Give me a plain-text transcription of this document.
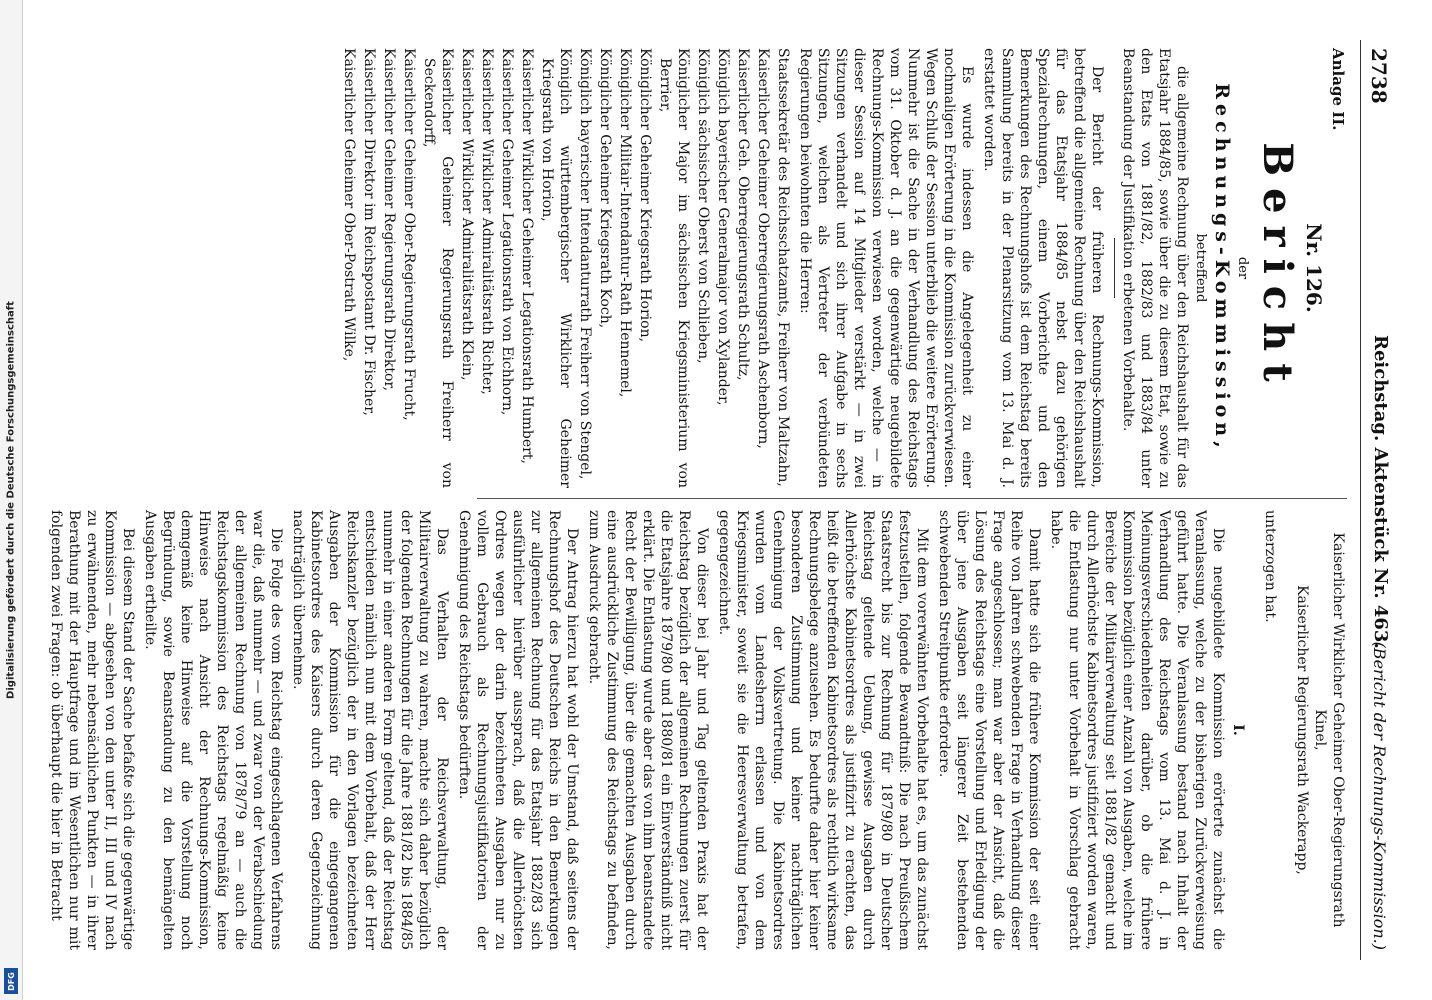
Digitalisierung gefördert durch die Deutsche Forschungsgemeinschaft
DFG
2738
Reichstag. Aktenstück Nr. 463.
(Bericht der Rechnungs-Kommission.)

Anlage II.

Nr. 126.

Bericht

der

Rechnungs-Kommission,

betreffend

die allgemeine Rechnung über den Reichshaushalt für das Etatsjahr 1884/85, sowie über die zu diesem Etat, sowie zu den Etats von 1881/82, 1882/83 und 1883/84 unter Beanstandung der Justifikation erbetenen Vorbehalte.

Der Bericht der früheren Rechnungs-Kommission, betreffend die allgemeine Rechnung über den Reichshaushalt für das Etatsjahr 1884/85 nebst dazu gehörigen Spezialrechnungen, einem Vorberichte und den Bemerkungen des Rechnungshofs ist dem Reichstag bereits Sammlung bereits in der Plenarsitzung vom 13. Mai d. J. erstattet worden.

Es wurde indessen die Angelegenheit zu einer nochmaligen Erörterung in die Kommission zurückverwiesen. Wegen Schluß der Session unterblieb die weitere Erörterung. Nunmehr ist die Sache in der Verhandlung des Reichstags vom 31. Oktober d. J. an die gegenwärtige neugebildete Rechnungs-Kommission verwiesen worden, welche — in dieser Session auf 14 Mitglieder verstärkt — in zwei Sitzungen verhandelt und sich ihrer Aufgabe in sechs Sitzungen, welchen als Vertreter der verbündeten Regierungen beiwohnten die Herren:

Staatssekretär des Reichsschatzamts, Freiherr von Maltzahn,

Kaiserlicher Geheimer Oberregierungsrath Aschenborn,

Kaiserlicher Geh. Oberregierungsrath Schultz,

Königlich bayerischer Generalmajor von Xylander,

Königlich sächsischer Oberst von Schlieben,

Königlicher Major im sächsischen Kriegsministerium von Berrier,

Königlicher Geheimer Kriegsrath Horion,

Königlicher Militair-Intendantur-Rath Hennemel,

Königlicher Geheimer Kriegsrath Koch,

Königlich bayerischer Intendanturrath Freiherr von Stengel,

Königlich württembergischer Wirklicher Geheimer Kriegsrath von Horion,

Kaiserlicher Wirklicher Geheimer Legationsrath Humbert,

Kaiserlicher Geheimer Legationsrath von Eichhorn,

Kaiserlicher Wirklicher Admiralitätsrath Richter,

Kaiserlicher Wirklicher Admiralitätsrath Klein,

Kaiserlicher Geheimer Regierungsrath Freiherr von Seckendorff,

Kaiserlicher Geheimer Ober-Regierungsrath Frucht,

Kaiserlicher Geheimer Regierungsrath Direktor,

Kaiserlicher Direktor im Reichspostamt Dr. Fischer,

Kaiserlicher Geheimer Ober-Postrath Wilke,

Kaiserlicher Wirklicher Geheimer Ober-Regierungsrath Kinel,

Kaiserlicher Regierungsrath Wackerapp,

unterzogen hat.

I.

Die neugebildete Kommission erörterte zunächst die Veranlassung, welche zu der bisherigen Zurückverweisung geführt hatte. Die Veranlassung bestand nach Inhalt der Verhandlung des Reichstags vom 13. Mai d. J. in Meinungsverschiedenheiten darüber, ob die frühere Kommission bezüglich einer Anzahl von Ausgaben, welche im Bereiche der Militairverwaltung seit 1881/82 gemacht und durch Allerhöchste Kabinetsordres justifiziert worden waren, die Entlastung nur unter Vorbehalt in Vorschlag gebracht habe.

Damit hatte sich die frühere Kommission der seit einer Reihe von Jahren schwebenden Frage in Verhandlung dieser Frage angeschlossen; man war aber der Ansicht, daß die Lösung des Reichstags eine Vorstellung und Erledigung der über jene Ausgaben seit längerer Zeit bestehenden schwebenden Streitpunkte erfordere.

Mit dem vorerwähnten Vorbehalte hat es, um das zunächst festzustellen, folgende Bewandtniß: Die nach Preußischem Staatsrecht bis zur Rechnung für 1879/80 in Deutscher Reichstag geltende Uebung, gewisse Ausgaben durch Allerhöchste Kabinetsordres als justifizirt zu erachten, das heißt die betreffenden Kabinetsordres als rechtlich wirksame Rechnungsbelege anzusehen. Es bedurfte daher hier keiner besonderen Zustimmung und keiner nachträglichen Genehmigung der Volksvertretung. Die Kabinetsordres wurden vom Landesherrn erlassen und von dem Kriegsminister, soweit sie die Heeresverwaltung betrafen, gegengezeichnet.

Von dieser bei Jahr und Tag geltenden Praxis hat der Reichstag bezüglich der allgemeinen Rechnungen zuerst für die Etatsjahre 1879/80 und 1880/81 ein Einverständniß nicht erklärt. Die Entlastung wurde aber das von ihm beanstandete Recht der Bewilligung, über die gemachten Ausgaben durch eine ausdrückliche Zustimmung des Reichstags zu befinden, zum Ausdruck gebracht.

Der Antrag hierzu hat wohl der Umstand, daß seitens der Rechnungshof des Deutschen Reichs in den Bemerkungen zur allgemeinen Rechnung für das Etatsjahr 1882/83 sich ausführlicher hierüber aussprach, daß die Allerhöchsten Ordres wegen der darin bezeichneten Ausgaben nur zu vollem Gebrauch als Rechnungsjustifikatorien der Genehmigung des Reichstags bedürften.

Das Verhalten der Reichsverwaltung, der Militairverwaltung zu wahren, machte sich daher bezüglich der folgenden Rechnungen für die Jahre 1881/82 bis 1884/85 nunmehr in einer anderen Form geltend, daß der Reichstag entschieden nämlich nun mit dem Vorbehalt, daß der Herr Reichskanzler bezüglich der in den Vorlagen bezeichneten Ausgaben der Kommission für die eingegangenen Kabinetsordres des Kaisers durch deren Gegenzeichnung nachträglich übernehme.

Die Folge des vom Reichstag eingeschlagenen Verfahrens war die, daß nunmehr — und zwar von der Verabschiedung der allgemeinen Rechnung von 1878/79 an — auch die Reichstagskommission des Reichstags regelmäßig keine Hinweise nach Ansicht der Rechnungs-Kommission, demgemäß keine Hinweise auf die Vorstellung noch Begründung, sowie Beanstandung zu den bemängelten Ausgaben ertheilte.

Bei diesem Stand der Sache befaßte sich die gegenwärtige Kommission — abgesehen von den unter II, III und IV nach zu erwähnenden, mehr nebensächlichen Punkten — in ihrer Berathung mit der Hauptfrage und im Wesentlichen nur mit folgenden zwei Fragen: ob überhaupt die hier in Betracht
